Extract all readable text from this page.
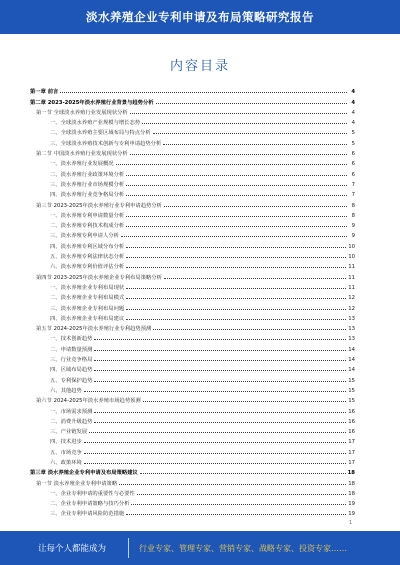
淡水养殖企业专利申请及布局策略研究报告
内容目录
第一章 前言	4
第二章 2023-2025年淡水养殖行业背景与趋势分析	4
第一节 全球淡水养殖行业发展现状分析	4
一、全球淡水养殖产业规模与增长态势	4
二、全球淡水养殖主要区域布局与特点分析	5
三、全球淡水养殖技术创新与专利申请趋势分析	5
第二节 中国淡水养殖行业发展现状分析	6
一、淡水养殖行业发展概况	6
二、淡水养殖行业政策环境分析	6
三、淡水养殖行业市场规模分析	7
四、淡水养殖行业竞争格局分析	7
第三节 2023-2025年淡水养殖行业专利申请趋势分析	8
一、淡水养殖专利申请数量分析	8
二、淡水养殖专利技术构成分析	9
三、淡水养殖专利申请人分析	9
四、淡水养殖专利区域分布分析	10
五、淡水养殖专利法律状态分析	10
六、淡水养殖专利价值评估分析	11
第四节 2023-2025年淡水养殖企业专利布局策略分析	11
一、淡水养殖企业专利布局现状	11
二、淡水养殖企业专利布局模式	12
三、淡水养殖企业专利布局问题	12
四、淡水养殖企业专利布局建议	13
第五节 2024-2025年淡水养殖行业专利趋势预测	13
一、技术创新趋势	13
二、申请数量预测	14
三、行业竞争格局	14
四、区域布局趋势	14
五、专利保护趋势	15
六、其他趋势	15
第六节 2024-2025年淡水养殖市场趋势预测	15
一、市场需求预测	16
二、消费升级趋势	16
三、产业链发展	16
四、技术进步	17
五、市场竞争	17
六、政策环境	17
第三章 淡水养殖企业专利申请及布局策略建议	18
第一节 淡水养殖企业专利申请策略	18
一、企业专利申请的重要性与必要性	18
二、企业专利申请策略与技巧分析	19
三、企业专利申请风险防范措施	19
1
让每个人都能成为	行业专家、管理专家、营销专家、战略专家、投资专家……
